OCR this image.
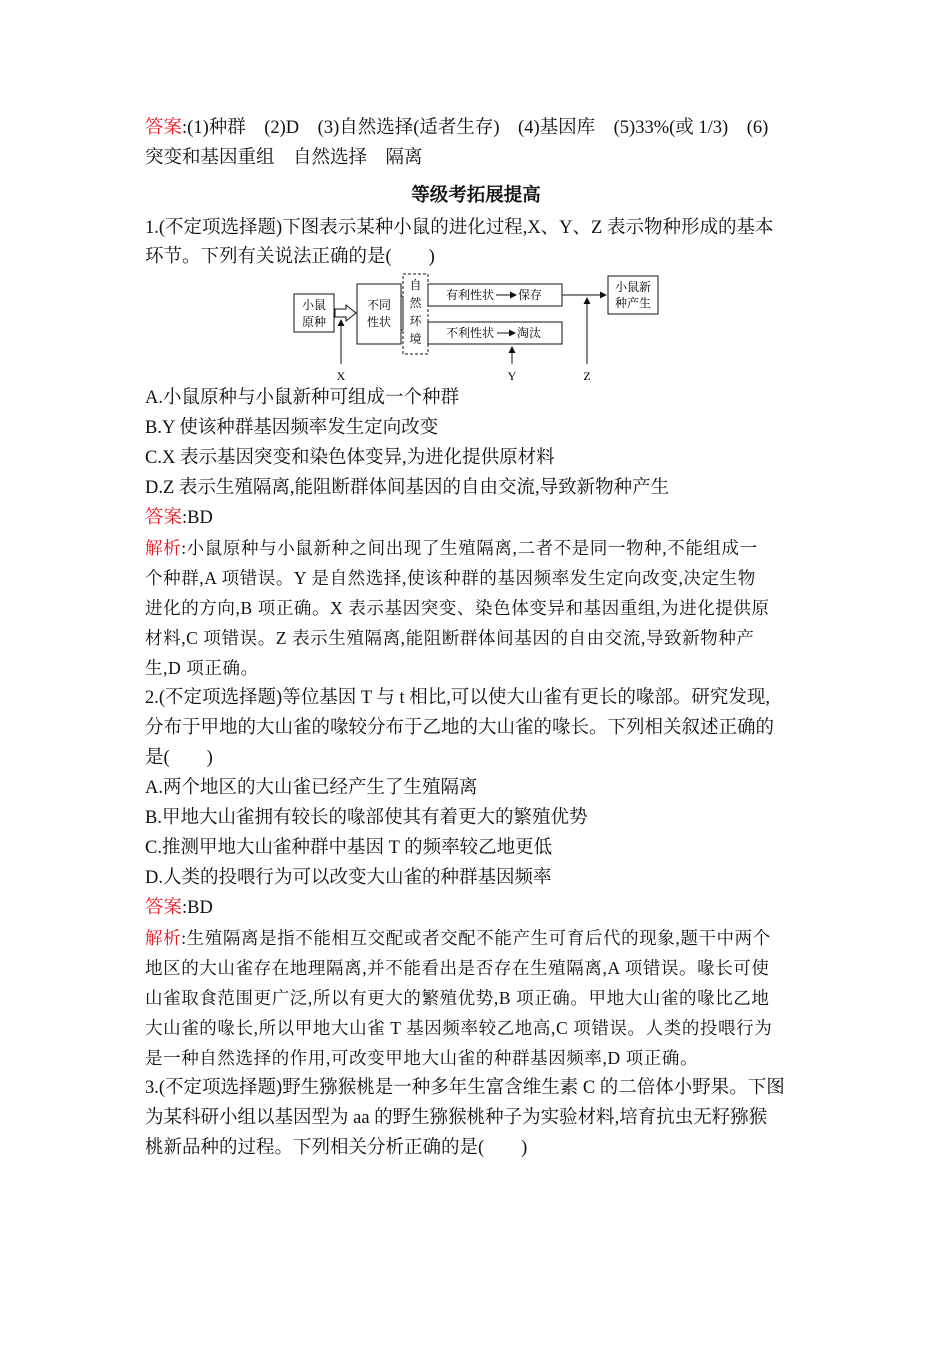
答案:(1)种群　(2)D　(3)自然选择(适者生存)　(4)基因库　(5)33%(或 1/3)　(6)
突变和基因重组　自然选择　隔离
等级考拓展提高
1.(不定项选择题)下图表示某种小鼠的进化过程,X、Y、Z 表示物种形成的基本
环节。下列有关说法正确的是(　　)
小鼠
原种
不同
性状
自
然
环
境
有利性状 保存
不利性状 淘汰
小鼠新
种产生
X	Y	Z
A.小鼠原种与小鼠新种可组成一个种群
B.Y 使该种群基因频率发生定向改变
C.X 表示基因突变和染色体变异,为进化提供原材料
D.Z 表示生殖隔离,能阻断群体间基因的自由交流,导致新物种产生
答案:BD
解析:小鼠原种与小鼠新种之间出现了生殖隔离,二者不是同一物种,不能组成一
个种群,A 项错误。Y 是自然选择,使该种群的基因频率发生定向改变,决定生物
进化的方向,B 项正确。X 表示基因突变、染色体变异和基因重组,为进化提供原
材料,C 项错误。Z 表示生殖隔离,能阻断群体间基因的自由交流,导致新物种产
生,D 项正确。
2.(不定项选择题)等位基因 T 与 t 相比,可以使大山雀有更长的喙部。研究发现,
分布于甲地的大山雀的喙较分布于乙地的大山雀的喙长。下列相关叙述正确的
是(　　)
A.两个地区的大山雀已经产生了生殖隔离
B.甲地大山雀拥有较长的喙部使其有着更大的繁殖优势
C.推测甲地大山雀种群中基因 T 的频率较乙地更低
D.人类的投喂行为可以改变大山雀的种群基因频率
答案:BD
解析:生殖隔离是指不能相互交配或者交配不能产生可育后代的现象,题干中两个
地区的大山雀存在地理隔离,并不能看出是否存在生殖隔离,A 项错误。喙长可使
山雀取食范围更广泛,所以有更大的繁殖优势,B 项正确。甲地大山雀的喙比乙地
大山雀的喙长,所以甲地大山雀 T 基因频率较乙地高,C 项错误。人类的投喂行为
是一种自然选择的作用,可改变甲地大山雀的种群基因频率,D 项正确。
3.(不定项选择题)野生猕猴桃是一种多年生富含维生素 C 的二倍体小野果。下图
为某科研小组以基因型为 aa 的野生猕猴桃种子为实验材料,培育抗虫无籽猕猴
桃新品种的过程。下列相关分析正确的是(　　)
